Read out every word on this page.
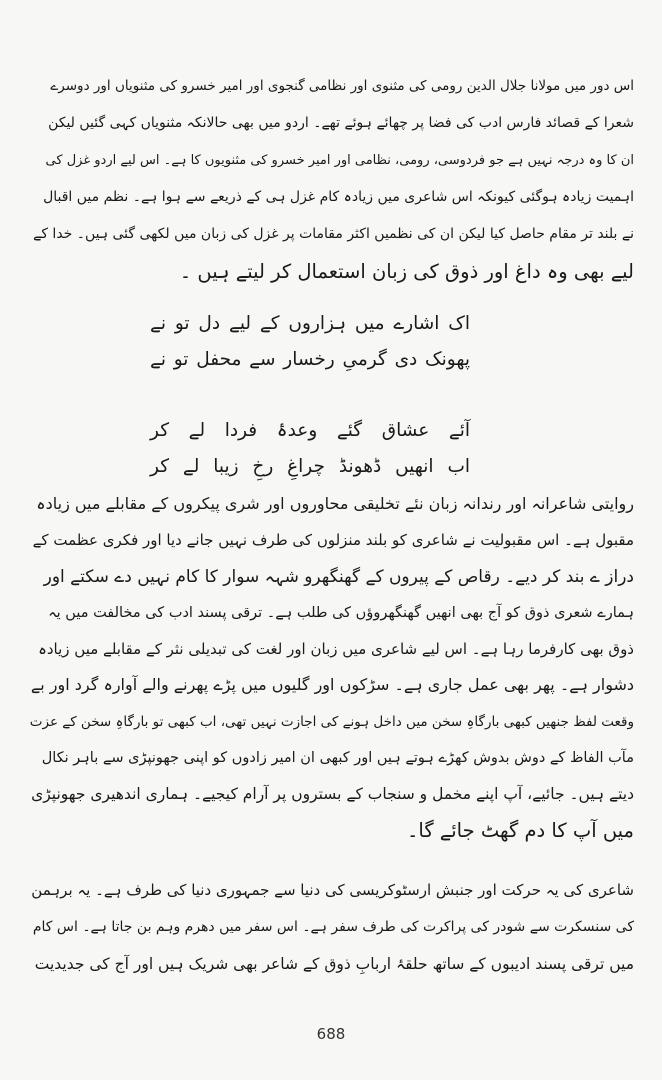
اس دور میں مولانا جلال الدین رومی کی مثنوی اور نظامی گنجوی اور امیر خسرو کی مثنویاں اور دوسرے
شعرا کے قصائد فارس ادب کی فضا پر چھائے ہوئے تھے۔ اردو میں بھی حالانکہ مثنویاں کہی گئیں لیکن
ان کا وہ درجہ نہیں ہے جو فردوسی، رومی، نظامی اور امیر خسرو کی مثنویوں کا ہے۔ اس لیے اردو غزل کی
اہمیت زیادہ ہوگئی کیونکہ اس شاعری میں زیادہ کام غزل ہی کے ذریعے سے ہوا ہے۔ نظم میں اقبال
نے بلند تر مقام حاصل کیا لیکن ان کی نظمیں اکثر مقامات پر غزل کی زبان میں لکھی گئی ہیں۔ خدا کے
لیے بھی وہ داغ اور ذوق کی زبان استعمال کر لیتے ہیں ۔
اک اشارے میں ہزاروں کے لیے دل تو نے
پھونک دی گرمیِ رخسار سے محفل تو نے
آئے عشاق گئے وعدۂ فردا لے کر
اب انھیں ڈھونڈ چراغِ رخِ زیبا لے کر
روایتی شاعرانہ اور رندانہ زبان نئے تخلیقی محاوروں اور شری پیکروں کے مقابلے میں زیادہ
مقبول ہے۔ اس مقبولیت نے شاعری کو بلند منزلوں کی طرف نہیں جانے دیا اور فکری عظمت کے
دراز ے بند کر دیے۔ رقاص کے پیروں کے گھنگھرو شہہ سوار کا کام نہیں دے سکتے اور
ہمارے شعری ذوق کو آج بھی انھیں گھنگھروؤں کی طلب ہے۔ ترقی پسند ادب کی مخالفت میں یہ
ذوق بھی کارفرما رہا ہے۔ اس لیے شاعری میں زبان اور لغت کی تبدیلی نثر کے مقابلے میں زیادہ
دشوار ہے۔ پھر بھی عمل جاری ہے۔ سڑکوں اور گلیوں میں پڑے پھرنے والے آوارہ گرد اور بے
وقعت لفظ جنھیں کبھی بارگاہِ سخن میں داخل ہونے کی اجازت نہیں تھی، اب کبھی تو بارگاہِ سخن کے عزت
مآب الفاظ کے دوش بدوش کھڑے ہوتے ہیں اور کبھی ان امیر زادوں کو اپنی جھونپڑی سے باہر نکال
دیتے ہیں۔ جائیے، آپ اپنے مخمل و سنجاب کے بستروں پر آرام کیجیے۔ ہماری اندھیری جھونپڑی
میں آپ کا دم گھٹ جائے گا۔
شاعری کی یہ حرکت اور جنبش ارسٹوکریسی کی دنیا سے جمہوری دنیا کی طرف ہے۔ یہ برہمن
کی سنسکرت سے شودر کی پراکرت کی طرف سفر ہے۔ اس سفر میں دھرم وہم بن جاتا ہے۔ اس کام
میں ترقی پسند ادیبوں کے ساتھ حلقۂ اربابِ ذوق کے شاعر بھی شریک ہیں اور آج کی جدیدیت
688
